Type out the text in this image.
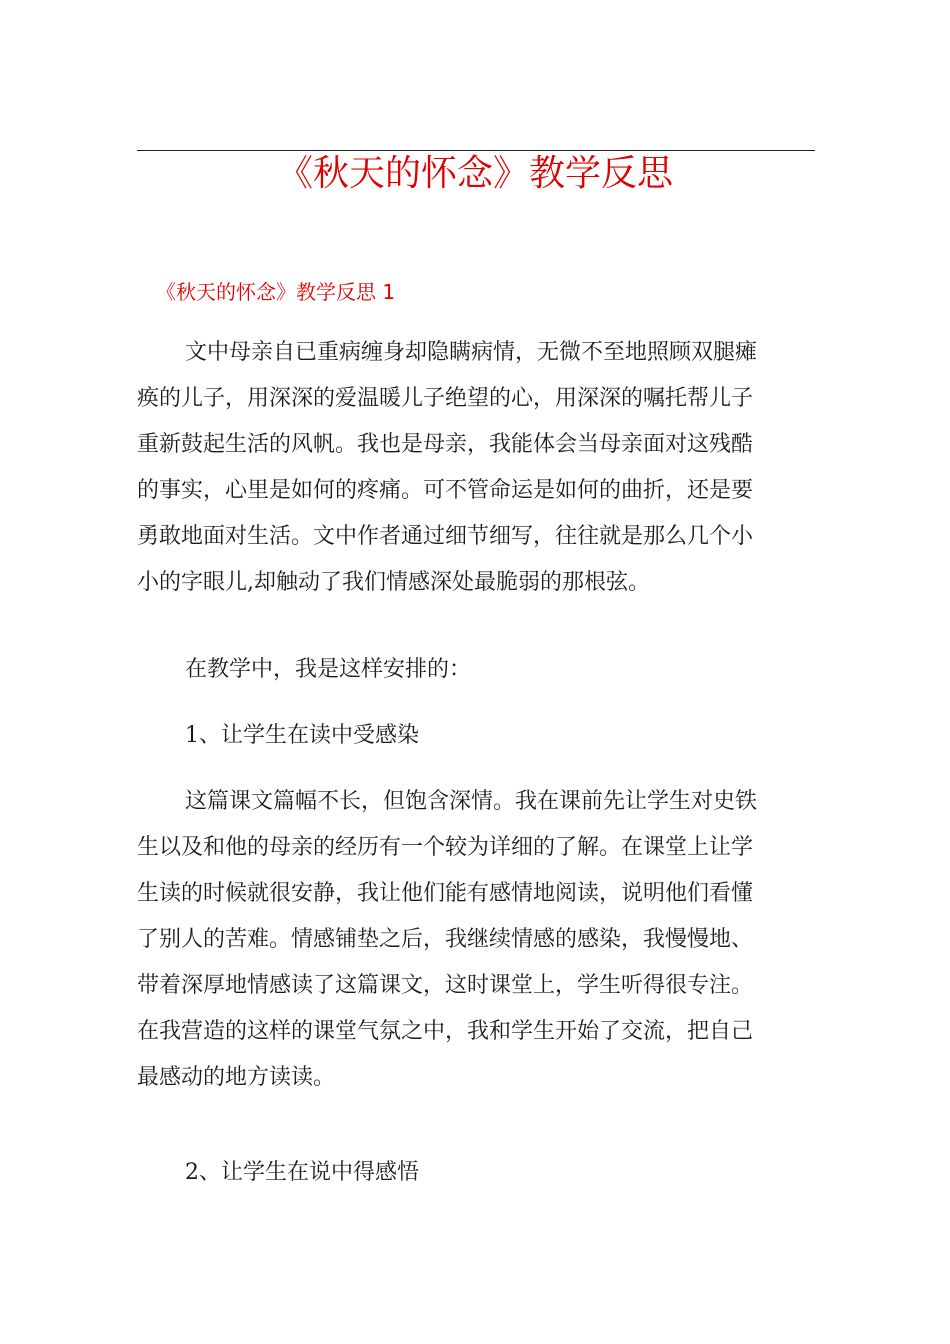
《秋天的怀念》教学反思
《秋天的怀念》教学反思 1
文中母亲自已重病缠身却隐瞒病情，无微不至地照顾双腿瘫
痪的儿子，用深深的爱温暖儿子绝望的心，用深深的嘱托帮儿子
重新鼓起生活的风帆。我也是母亲，我能体会当母亲面对这残酷
的事实，心里是如何的疼痛。可不管命运是如何的曲折，还是要
勇敢地面对生活。文中作者通过细节细写，往往就是那么几个小
小的字眼儿,却触动了我们情感深处最脆弱的那根弦。
在教学中，我是这样安排的：
1、让学生在读中受感染
这篇课文篇幅不长，但饱含深情。我在课前先让学生对史铁
生以及和他的母亲的经历有一个较为详细的了解。在课堂上让学
生读的时候就很安静，我让他们能有感情地阅读，说明他们看懂
了别人的苦难。情感铺垫之后，我继续情感的感染，我慢慢地、
带着深厚地情感读了这篇课文，这时课堂上，学生听得很专注。
在我营造的这样的课堂气氛之中，我和学生开始了交流，把自己
最感动的地方读读。
2、让学生在说中得感悟
